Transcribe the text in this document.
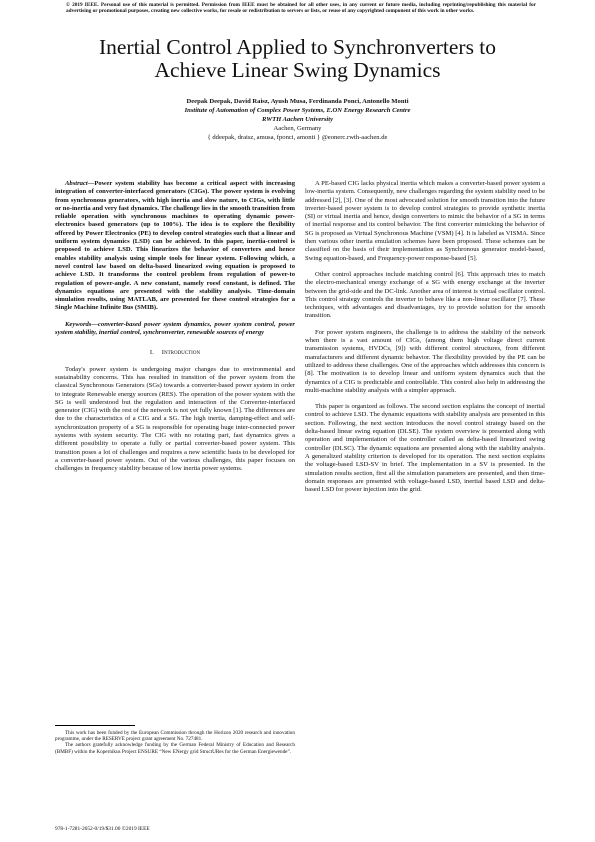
© 2019 IEEE. Personal use of this material is permitted. Permission from IEEE must be obtained for all other uses, in any current or future media, including reprinting/republishing this material for advertising or promotional purposes, creating new collective works, for resale or redistribution to servers or lists, or reuse of any copyrighted component of this work in other works.
Inertial Control Applied to Synchronverters to
Achieve Linear Swing Dynamics
Deepak Deepak, David Raisz, Ayush Musa, Ferdinanda Ponci, Antonello Monti
Institute of Automation of Complex Power Systems, E.ON Energy Research Centre
RWTH Aachen University
Aachen, Germany
{ ddeepak, draisz, amusa, fponci, amonti } @eonerc.rwth-aachen.de

Abstract—Power system stability has become a critical aspect with increasing integration of converter-interfaced generators (CIGs). The power system is evolving from synchronous generators, with high inertia and slow nature, to CIGs, with little or no-inertia and very fast dynamics. The challenge lies in the smooth transition from reliable operation with synchronous machines to operating dynamic power-electronics based generators (up to 100%). The idea is to explore the flexibility offered by Power Electronics (PE) to develop control strategies such that a linear and uniform system dynamics (LSD) can be achieved. In this paper, inertia-control is proposed to achieve LSD. This linearizes the behavior of converters and hence enables stability analysis using simple tools for linear system. Following which, a novel control law based on delta-based linearized swing equation is proposed to achieve LSD. It transforms the control problem from regulation of power-to regulation of power-angle. A new constant, namely roesf constant, is defined. The dynamics equations are presented with the stability analysis. Time-domain simulation results, using MATLAB, are presented for these control strategies for a Single Machine Infinite Bus (SMIB).

Keywords—converter-based power system dynamics, power system control, power system stability, inertial control, synchronverter, renewable sources of energy

I. Introduction

Today's power system is undergoing major changes due to environmental and sustainability concerns. This has resulted in transition of the power system from the classical Synchronous Generators (SGs) towards a converter-based power system in order to integrate Renewable energy sources (RES). The operation of the power system with the SG is well understood but the regulation and interaction of the Converter-interfaced generator (CIG) with the rest of the network is not yet fully known [1]. The differences are due to the characteristics of a CIG and a SG. The high inertia, damping-effect and self-synchronization property of a SG is responsible for operating huge inter-connected power systems with system security. The CIG with no rotating part, fast dynamics gives a different possibility to operate a fully or partial converter-based power system. This transition poses a lot of challenges and requires a new scientific basis to be developed for a converter-based power system. Out of the various challenges, this paper focuses on challenges in frequency stability because of low inertia power systems.

A PE-based CIG lacks physical inertia which makes a converter-based power system a low-inertia system. Consequently, new challenges regarding the system stability need to be addressed [2], [3]. One of the most advocated solution for smooth transition into the future inverter-based power system is to develop control strategies to provide synthetic inertia (SI) or virtual inertia and hence, design converters to mimic the behavior of a SG in terms of inertial response and its control behavior. The first converter mimicking the behavior of SG is proposed as Virtual Synchronous Machine (VSM) [4]. It is labeled as VISMA. Since then various other inertia emulation schemes have been proposed. These schemes can be classified on the basis of their implementation as Synchronous generator model-based, Swing equation-based, and Frequency-power response-based [5].

Other control approaches include matching control [6]. This approach tries to match the electro-mechanical energy exchange of a SG with energy exchange at the inverter between the grid-side and the DC-link. Another area of interest is virtual oscillator control. This control strategy controls the inverter to behave like a non-linear oscillator [7]. These techniques, with advantages and disadvantages, try to provide solution for the smooth transition.

For power system engineers, the challenge is to address the stability of the network when there is a vast amount of CIGs, (among them high voltage direct current transmission systems, HVDCs, [9]) with different control structures, from different manufacturers and different dynamic behavior. The flexibility provided by the PE can be utilized to address these challenges. One of the approaches which addresses this concern is [8]. The motivation is to develop linear and uniform system dynamics such that the dynamics of a CIG is predictable and controllable. This control also help in addressing the multi-machine stability analysis with a simpler approach.

This paper is organized as follows. The second section explains the concept of inertial control to achieve LSD. The dynamic equations with stability analysis are presented in this section. Following, the next section introduces the novel control strategy based on the delta-based linear swing equation (DLSE). The system overview is presented along with operation and implementation of the controller called as delta-based linearized swing controller (DLSC). The dynamic equations are presented along with the stability analysis. A generalized stability criterion is developed for its operation. The next section explains the voltage-based LSD-SV in brief. The implementation in a SV is presented. In the simulation results section, first all the simulation parameters are presented, and then time-domain responses are presented with voltage-based LSD, inertial based LSD and delta-based LSD for power injection into the grid.

This work has been funded by the European Commission through the Horizon 2020 research and innovation programme, under the RESERVE project grant agreement No. 727481.

The authors gratefully acknowledge funding by the German Federal Ministry of Education and Research (BMBF) within the Kopernikus Project ENSURE “New ENergy grid StructURes for the German Energiewende”.

978-1-7281-2652-0/19/$31.00 ©2019 IEEE
